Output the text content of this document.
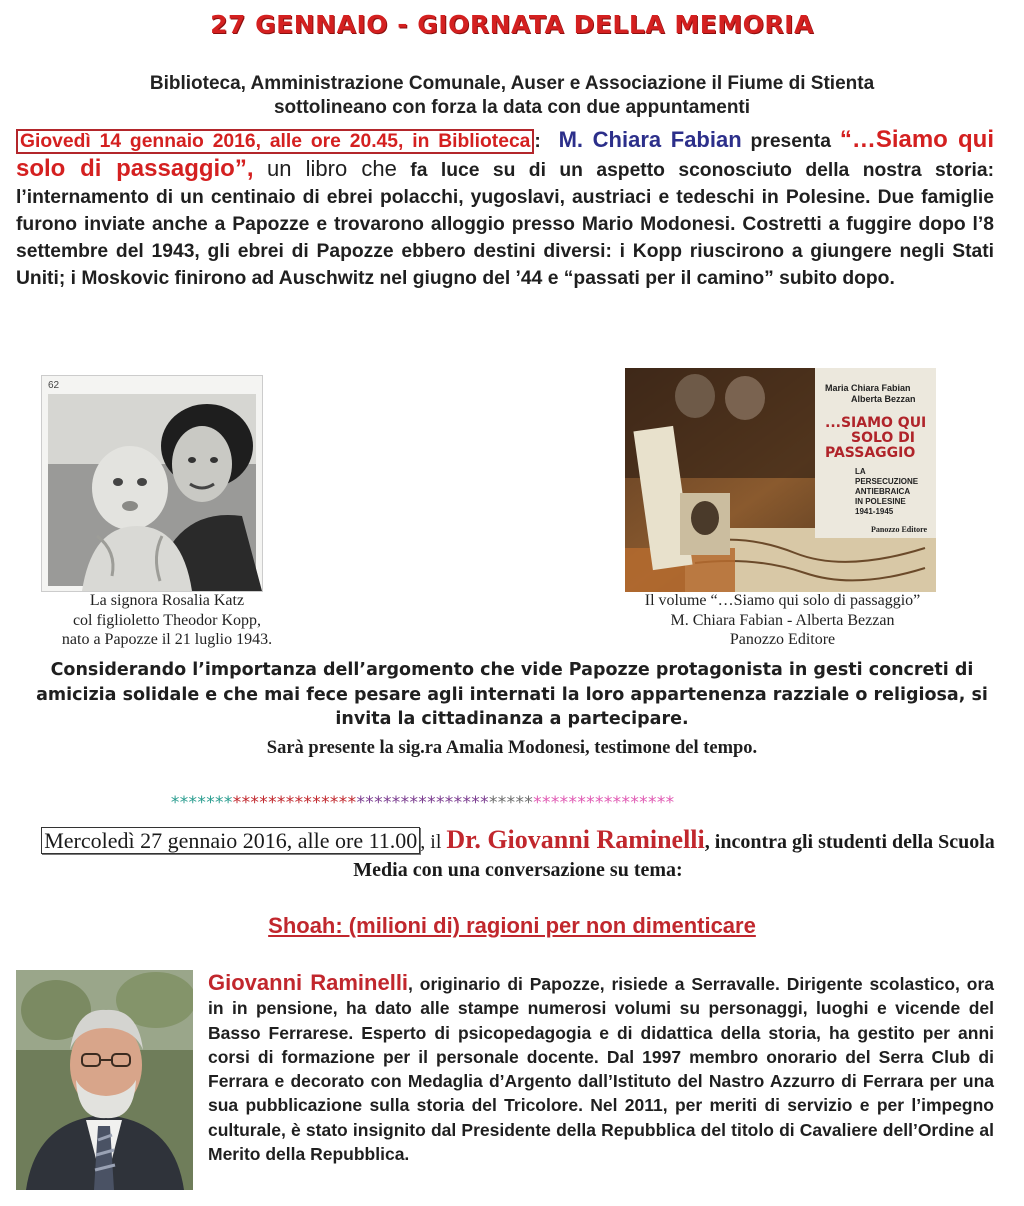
27 GENNAIO - GIORNATA DELLA MEMORIA
Biblioteca, Amministrazione Comunale, Auser e Associazione il Fiume di Stienta
sottolineano con forza la data con due appuntamenti
Giovedì 14 gennaio 2016, alle ore 20.45, in Biblioteca : M. Chiara Fabian presenta “…Siamo qui solo di passaggio”, un libro che fa luce su di un aspetto sconosciuto della nostra storia: l’internamento di un centinaio di ebrei polacchi, yugoslavi, austriaci e tedeschi in Polesine. Due famiglie furono inviate anche a Papozze e trovarono alloggio presso Mario Modonesi. Costretti a fuggire dopo l’8 settembre del 1943, gli ebrei di Papozze ebbero destini diversi: i Kopp riuscirono a giungere negli Stati Uniti; i Moskovic finirono ad Auschwitz nel giugno del ’44 e “passati per il camino” subito dopo.
62
La signora Rosalia Katz
col figlioletto Theodor Kopp,
nato a Papozze il 21 luglio 1943.
Maria Chiara Fabian
Alberta Bezzan
...SIAMO QUI
SOLO DI
PASSAGGIO
LA
PERSECUZIONE
ANTIEBRAICA
IN POLESINE
1941-1945
Panozzo Editore
Il volume “…Siamo qui solo di passaggio”
M. Chiara Fabian - Alberta Bezzan
Panozzo Editore
Considerando l’importanza dell’argomento che vide Papozze protagonista in gesti concreti di amicizia solidale e che mai fece pesare agli internati la loro appartenenza razziale o religiosa, si invita la cittadinanza a partecipare.
Sarà presente la sig.ra Amalia Modonesi, testimone del tempo.
*********************************************************
Mercoledì 27 gennaio 2016, alle ore 11.00 , il Dr. Giovanni Raminelli, incontra gli studenti della Scuola Media con una conversazione su tema:
Shoah: (milioni di) ragioni per non dimenticare
Giovanni Raminelli, originario di Papozze, risiede a Serravalle. Dirigente scolastico, ora in in pensione, ha dato alle stampe numerosi volumi su personaggi, luoghi e vicende del Basso Ferrarese. Esperto di psicopedagogia e di didattica della storia, ha gestito per anni corsi di formazione per il personale docente. Dal 1997 membro onorario del Serra Club di Ferrara e decorato con Medaglia d’Argento dall’Istituto del Nastro Azzurro di Ferrara per una sua pubblicazione sulla storia del Tricolore. Nel 2011, per meriti di servizio e per l’impegno culturale, è stato insignito dal Presidente della Repubblica del titolo di Cavaliere dell’Ordine al Merito della Repubblica.
